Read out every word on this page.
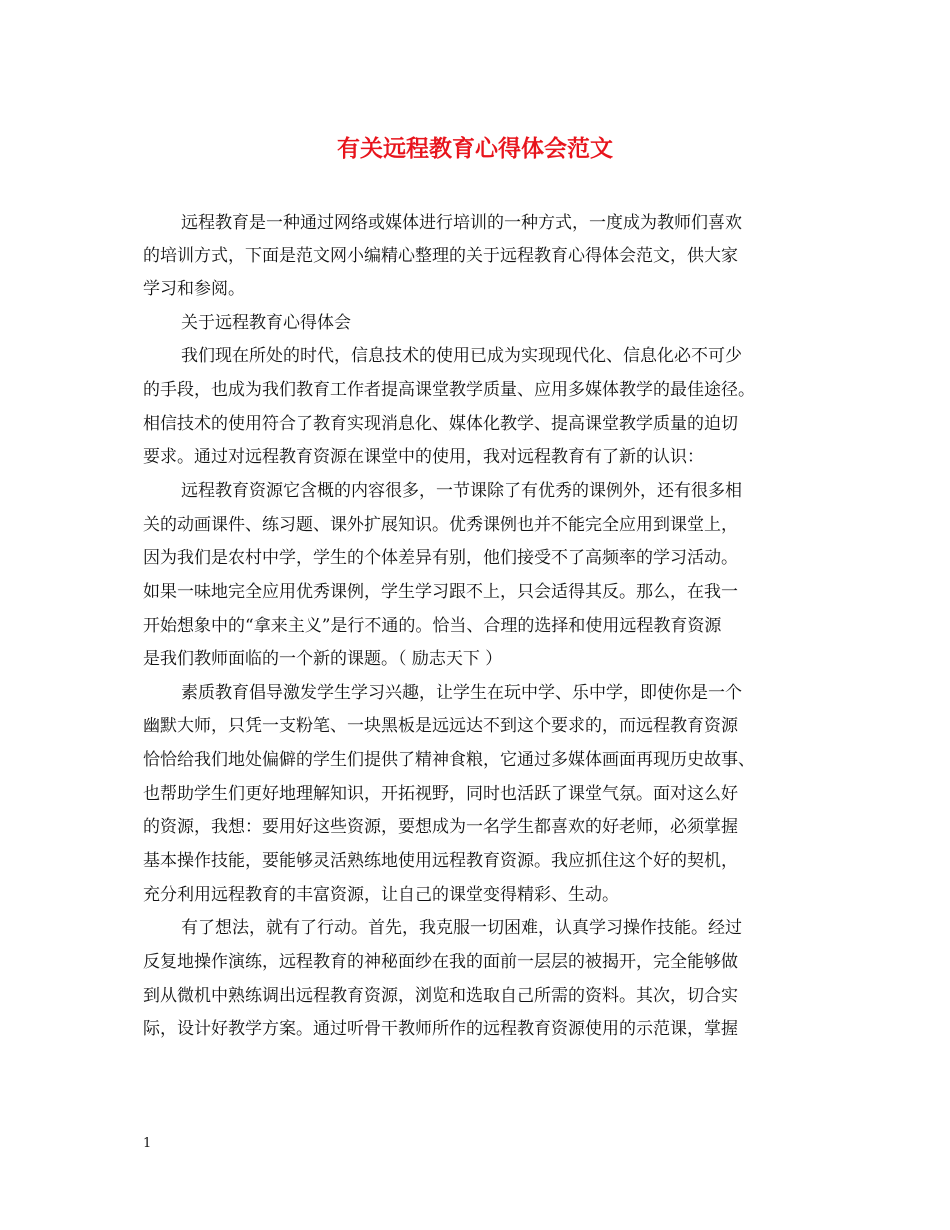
有关远程教育心得体会范文

远程教育是一种通过网络或媒体进行培训的一种方式，一度成为教师们喜欢

的培训方式，下面是范文网小编精心整理的关于远程教育心得体会范文，供大家

学习和参阅。

关于远程教育心得体会

我们现在所处的时代，信息技术的使用已成为实现现代化、信息化必不可少

的手段，也成为我们教育工作者提高课堂教学质量、应用多媒体教学的最佳途径。

相信技术的使用符合了教育实现消息化、媒体化教学、提高课堂教学质量的迫切

要求。通过对远程教育资源在课堂中的使用，我对远程教育有了新的认识：

远程教育资源它含概的内容很多，一节课除了有优秀的课例外，还有很多相

关的动画课件、练习题、课外扩展知识。优秀课例也并不能完全应用到课堂上，

因为我们是农村中学，学生的个体差异有别，他们接受不了高频率的学习活动。

如果一味地完全应用优秀课例，学生学习跟不上，只会适得其反。那么，在我一

开始想象中的“拿来主义”是行不通的。恰当、合理的选择和使用远程教育资源

是我们教师面临的一个新的课题。（ 励志天下 ）

素质教育倡导激发学生学习兴趣，让学生在玩中学、乐中学，即使你是一个

幽默大师，只凭一支粉笔、一块黑板是远远达不到这个要求的，而远程教育资源

恰恰给我们地处偏僻的学生们提供了精神食粮，它通过多媒体画面再现历史故事、

也帮助学生们更好地理解知识，开拓视野，同时也活跃了课堂气氛。面对这么好

的资源，我想：要用好这些资源，要想成为一名学生都喜欢的好老师，必须掌握

基本操作技能，要能够灵活熟练地使用远程教育资源。我应抓住这个好的契机，

充分利用远程教育的丰富资源，让自己的课堂变得精彩、生动。

有了想法，就有了行动。首先，我克服一切困难，认真学习操作技能。经过

反复地操作演练，远程教育的神秘面纱在我的面前一层层的被揭开，完全能够做

到从微机中熟练调出远程教育资源，浏览和选取自己所需的资料。其次，切合实

际，设计好教学方案。通过听骨干教师所作的远程教育资源使用的示范课，掌握

1
